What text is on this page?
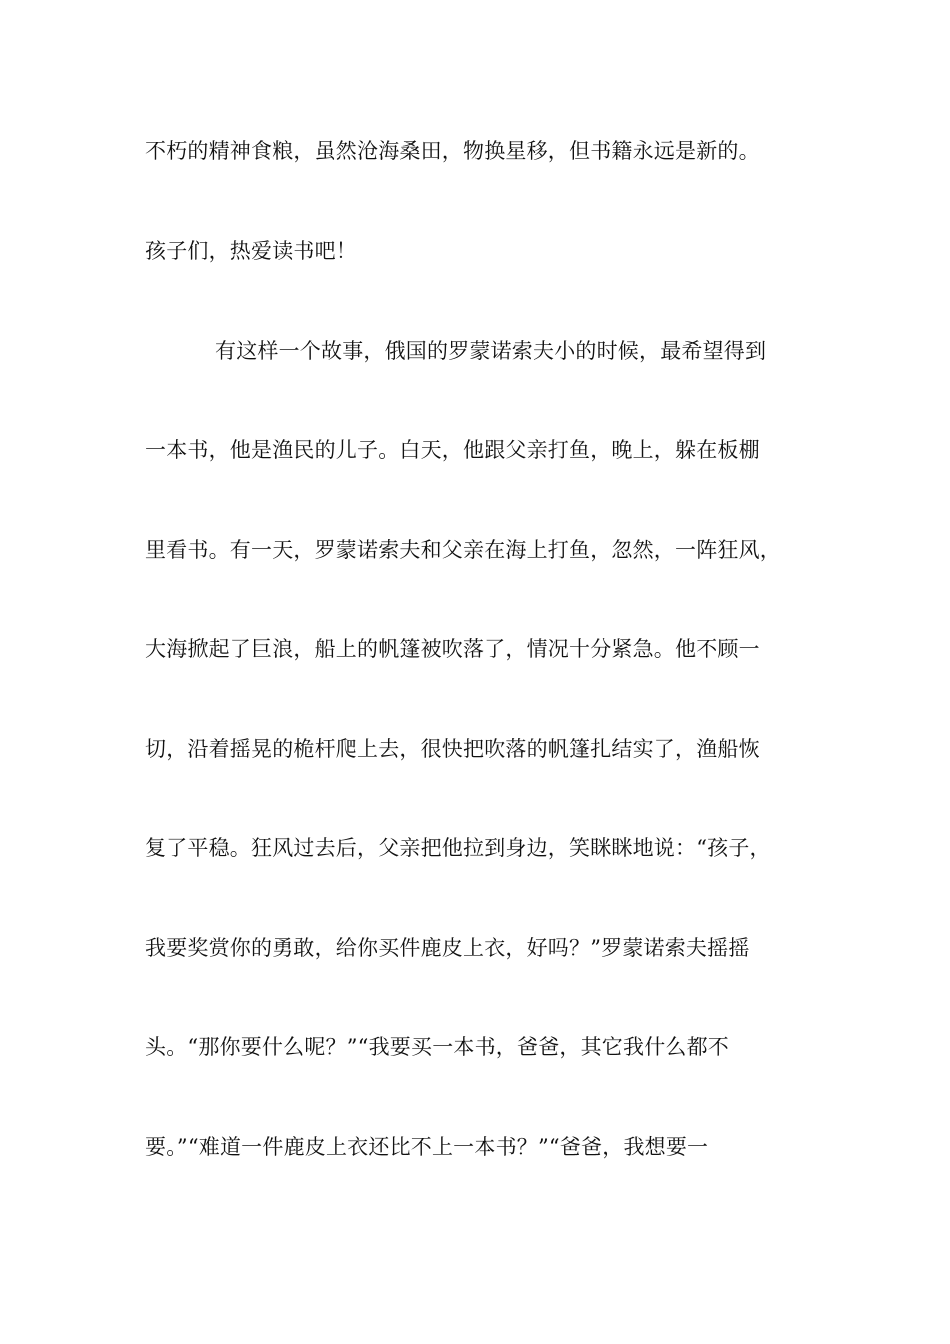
不朽的精神食粮，虽然沧海桑田，物换星移，但书籍永远是新的。
孩子们，热爱读书吧！
有这样一个故事，俄国的罗蒙诺索夫小的时候，最希望得到
一本书，他是渔民的儿子。白天，他跟父亲打鱼，晚上，躲在板棚
里看书。有一天，罗蒙诺索夫和父亲在海上打鱼，忽然，一阵狂风，
大海掀起了巨浪，船上的帆篷被吹落了，情况十分紧急。他不顾一
切，沿着摇晃的桅杆爬上去，很快把吹落的帆篷扎结实了，渔船恢
复了平稳。狂风过去后，父亲把他拉到身边，笑眯眯地说：“孩子，
我要奖赏你的勇敢，给你买件鹿皮上衣，好吗？”罗蒙诺索夫摇摇
头。“那你要什么呢？”“我要买一本书，爸爸，其它我什么都不
要。”“难道一件鹿皮上衣还比不上一本书？”“爸爸，我想要一
